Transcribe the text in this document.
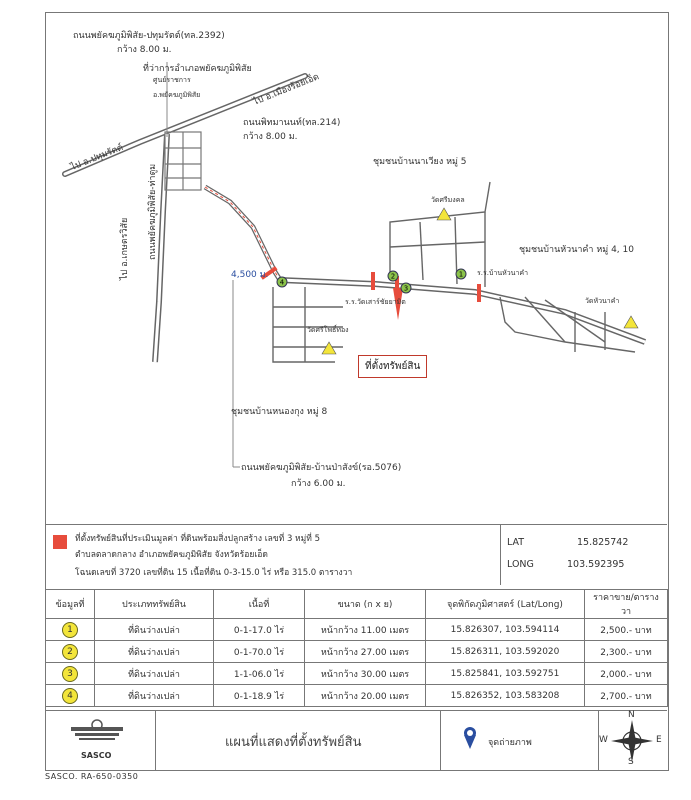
4
2
3
1
ถนนพยัคฆภูมิพิสัย-ปทุมรัตต์(ทล.2392)
กว้าง 8.00 ม.
ที่ว่าการอำเภอพยัคฆภูมิพิสัย
ศูนย์ราชการ
อ.พยัคฆภูมิพิสัย
ถนนพิทมานนท์(ทล.214)
กว้าง 8.00 ม.
ไป อ.ปทุมรัตต์
ไป อ.เมืองร้อยเอ็ด
ไป อ.เกษตรวิสัย	ถนนพยัคฆภูมิพิสัย-ท่าตูม
ชุมชนบ้านนาเวียง หมู่ 5
วัดศรีมงคล
ชุมชนบ้านหัวนาคำ หมู่ 4, 10
ร.ร.บ้านหัวนาคำ
วัดหัวนาคำ
4,500 ม.
ร.ร.วัดเสาร์ชัยยามิต
วัดศรีโพธิ์ทอง
ชุมชนบ้านหนองกุง หมู่ 8
ที่ตั้งทรัพย์สิน
ถนนพยัคฆภูมิพิสัย-บ้านป่าสังข์(รอ.5076)
กว้าง 6.00 ม.
ที่ตั้งทรัพย์สินที่ประเมินมูลค่า ที่ดินพร้อมสิ่งปลูกสร้าง เลขที่ 3 หมู่ที่ 5
ตำบลตลาดกลาง อำเภอพยัคฆภูมิพิสัย จังหวัดร้อยเอ็ด
โฉนดเลขที่ 3720 เลขที่ดิน 15 เนื้อที่ดิน 0-3-15.0 ไร่ หรือ 315.0 ตารางวา
LAT	15.825742
LONG	103.592395
ข้อมูลที่	ประเภททรัพย์สิน	เนื้อที่	ขนาด (ก x ย)	จุดพิกัดภูมิศาสตร์ (Lat/Long)	ราคาขาย/ตารางวา
1	ที่ดินว่างเปล่า	0-1-17.0 ไร่	หน้ากว้าง 11.00 เมตร	15.826307, 103.594114	2,500.- บาท
2	ที่ดินว่างเปล่า	0-1-70.0 ไร่	หน้ากว้าง 27.00 เมตร	15.826311, 103.592020	2,300.- บาท
3	ที่ดินว่างเปล่า	1-1-06.0 ไร่	หน้ากว้าง 30.00 เมตร	15.825841, 103.592751	2,000.- บาท
4	ที่ดินว่างเปล่า	0-1-18.9 ไร่	หน้ากว้าง 20.00 เมตร	15.826352, 103.583208	2,700.- บาท
SASCO
แผนที่แสดงที่ตั้งทรัพย์สิน	จุดถ่ายภาพ
N
S
E
W
SASCO. RA-650-0350
